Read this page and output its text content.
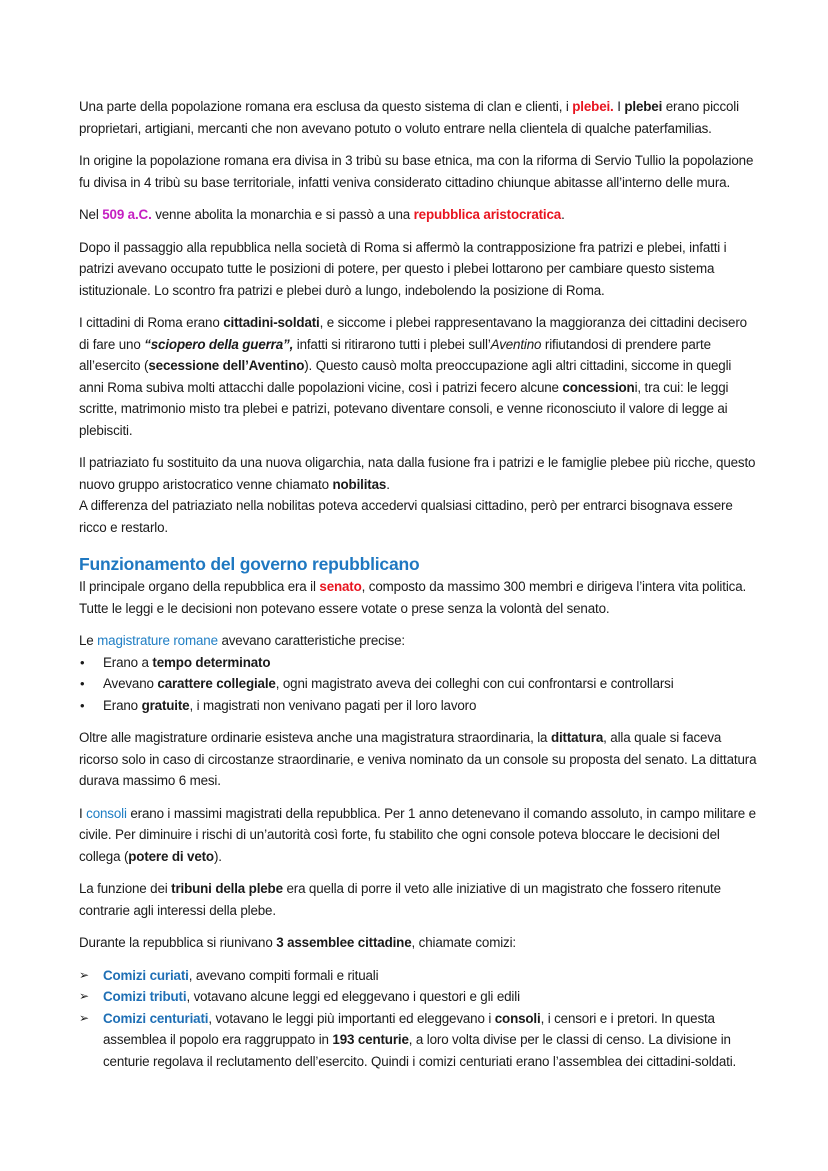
Una parte della popolazione romana era esclusa da questo sistema di clan e clienti, i plebei. I plebei erano piccoli proprietari, artigiani, mercanti che non avevano potuto o voluto entrare nella clientela di qualche paterfamilias.

In origine la popolazione romana era divisa in 3 tribù su base etnica, ma con la riforma di Servio Tullio la popolazione fu divisa in 4 tribù su base territoriale, infatti veniva considerato cittadino chiunque abitasse all’interno delle mura.

Nel 509 a.C. venne abolita la monarchia e si passò a una repubblica aristocratica.

Dopo il passaggio alla repubblica nella società di Roma si affermò la contrapposizione fra patrizi e plebei, infatti i patrizi avevano occupato tutte le posizioni di potere, per questo i plebei lottarono per cambiare questo sistema istituzionale. Lo scontro fra patrizi e plebei durò a lungo, indebolendo la posizione di Roma.

I cittadini di Roma erano cittadini-soldati, e siccome i plebei rappresentavano la maggioranza dei cittadini decisero di fare uno “sciopero della guerra”, infatti si ritirarono tutti i plebei sull’Aventino rifiutandosi di prendere parte all’esercito (secessione dell’Aventino). Questo causò molta preoccupazione agli altri cittadini, siccome in quegli anni Roma subiva molti attacchi dalle popolazioni vicine, così i patrizi fecero alcune concessioni, tra cui: le leggi scritte, matrimonio misto tra plebei e patrizi, potevano diventare consoli, e venne riconosciuto il valore di legge ai plebisciti.

Il patriaziato fu sostituito da una nuova oligarchia, nata dalla fusione fra i patrizi e le famiglie plebee più ricche, questo nuovo gruppo aristocratico venne chiamato nobilitas.
A differenza del patriaziato nella nobilitas poteva accedervi qualsiasi cittadino, però per entrarci bisognava essere ricco e restarlo.

Funzionamento del governo repubblicano

Il principale organo della repubblica era il senato, composto da massimo 300 membri e dirigeva l’intera vita politica. Tutte le leggi e le decisioni non potevano essere votate o prese senza la volontà del senato.

Le magistrature romane avevano caratteristiche precise:

• Erano a tempo determinato
• Avevano carattere collegiale, ogni magistrato aveva dei colleghi con cui confrontarsi e controllarsi
• Erano gratuite, i magistrati non venivano pagati per il loro lavoro

Oltre alle magistrature ordinarie esisteva anche una magistratura straordinaria, la dittatura, alla quale si faceva ricorso solo in caso di circostanze straordinarie, e veniva nominato da un console su proposta del senato. La dittatura durava massimo 6 mesi.

I consoli erano i massimi magistrati della repubblica. Per 1 anno detenevano il comando assoluto, in campo militare e civile. Per diminuire i rischi di un’autorità così forte, fu stabilito che ogni console poteva bloccare le decisioni del collega (potere di veto).

La funzione dei tribuni della plebe era quella di porre il veto alle iniziative di un magistrato che fossero ritenute contrarie agli interessi della plebe.

Durante la repubblica si riunivano 3 assemblee cittadine, chiamate comizi:

➢ Comizi curiati, avevano compiti formali e rituali
➢ Comizi tributi, votavano alcune leggi ed eleggevano i questori e gli edili
➢ Comizi centuriati, votavano le leggi più importanti ed eleggevano i consoli, i censori e i pretori. In questa assemblea il popolo era raggruppato in 193 centurie, a loro volta divise per le classi di censo. La divisione in centurie regolava il reclutamento dell’esercito. Quindi i comizi centuriati erano l’assemblea dei cittadini-soldati.
